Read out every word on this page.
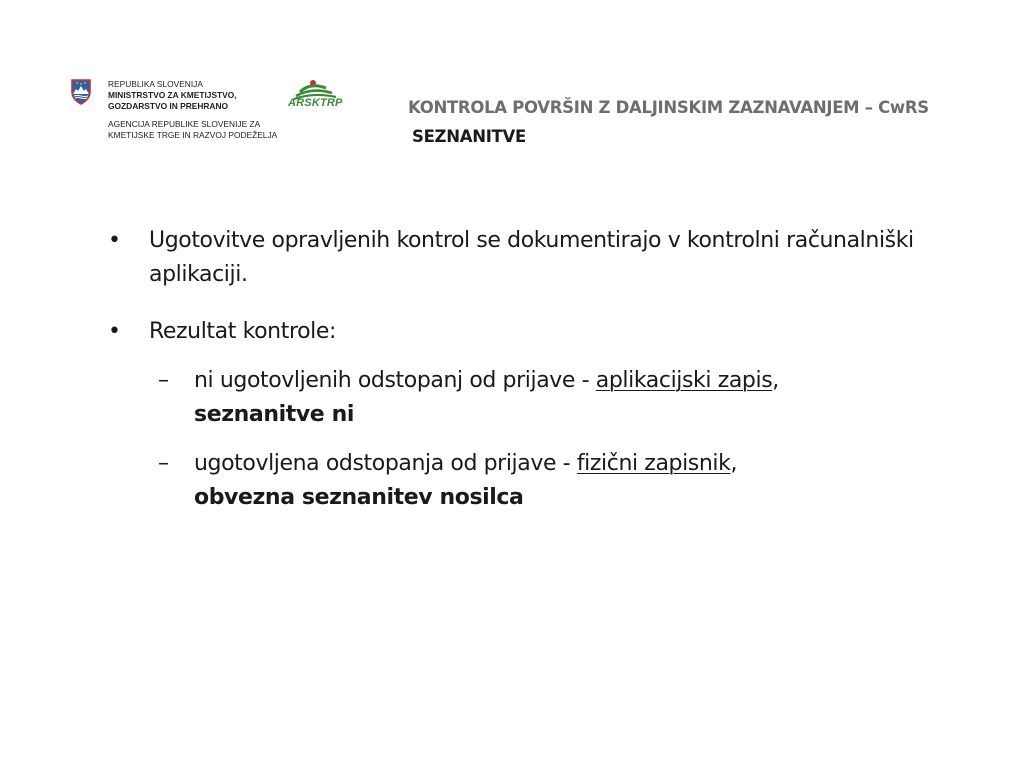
REPUBLIKA SLOVENIJA
MINISTRSTVO ZA KMETIJSTVO,
GOZDARSTVO IN PREHRANO
AGENCIJA REPUBLIKE SLOVENIJE ZA
KMETIJSKE TRGE IN RAZVOJ PODEŽELJA
ARSKTRP	KONTROLA POVRŠIN Z DALJINSKIM ZAZNAVANJEM – CwRS
SEZNANITVE
•	Ugotovitve opravljenih kontrol se dokumentirajo v kontrolni računalniški aplikaciji.
•	Rezultat kontrole:
–	ni ugotovljenih odstopanj od prijave - aplikacijski zapis,
seznanitve ni
–	ugotovljena odstopanja od prijave - fizični zapisnik,
obvezna seznanitev nosilca
